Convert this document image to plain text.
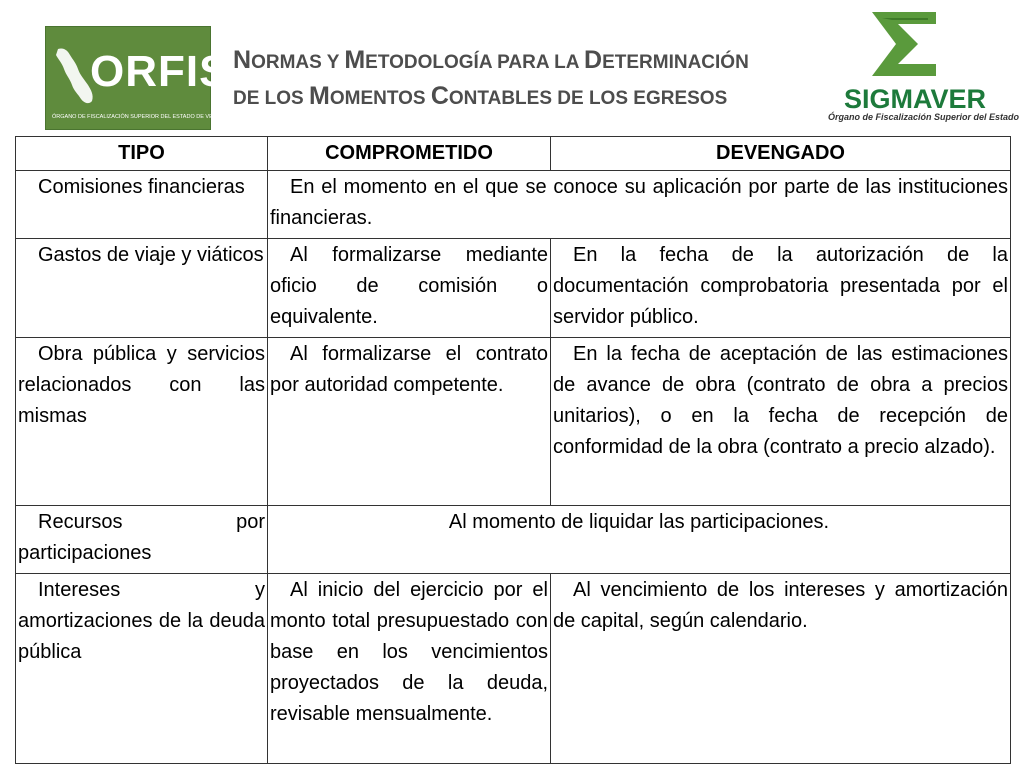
ORFIS
ÓRGANO DE FISCALIZACIÓN SUPERIOR DEL ESTADO DE VERACRUZ
NORMAS Y METODOLOGÍA PARA LA DETERMINACIÓN
DE LOS MOMENTOS CONTABLES DE LOS EGRESOS	SIGMAVER
Órgano de Fiscalización Superior del Estado
TIPO	COMPROMETIDO	DEVENGADO
Comisiones financieras	En el momento en el que se conoce su aplicación por parte de las instituciones financieras.	
Gastos de viaje y viáticos	Al formalizarse mediante oficio de comisión o equivalente.	En la fecha de la autorización de la documentación comprobatoria presentada por el servidor público.
Obra pública y servicios relacionados con las mismas	Al formalizarse el contrato por autoridad competente.	En la fecha de aceptación de las estimaciones de avance de obra (contrato de obra a precios unitarios), o en la fecha de recepción de conformidad de la obra (contrato a precio alzado).
Recursos por participaciones	Al momento de liquidar las participaciones.	
Intereses y amortizaciones de la deuda pública	Al inicio del ejercicio por el monto total presupuestado con base en los vencimientos proyectados de la deuda, revisable mensualmente.	Al vencimiento de los intereses y amortización de capital, según calendario.
